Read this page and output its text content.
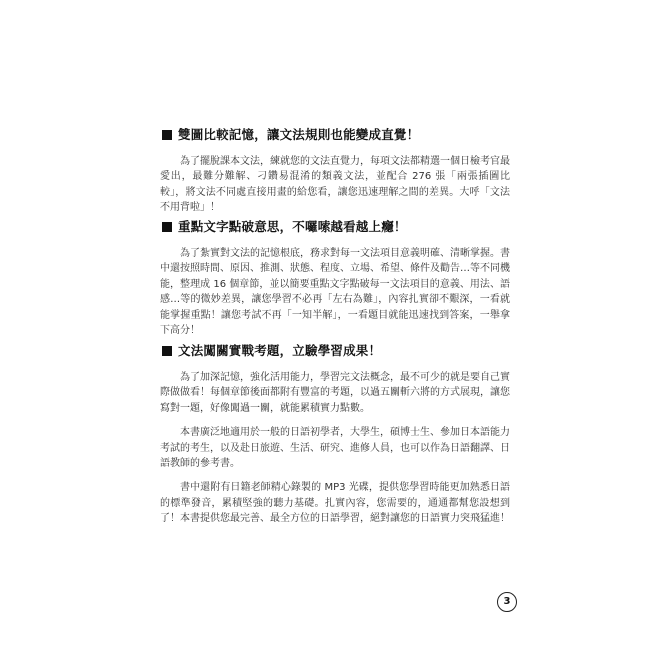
雙圖比較記憶，讓文法規則也能變成直覺！

為了擺脫課本文法，練就您的文法直覺力，每項文法都精選一個日檢考官最愛出，最難分難解、刁鑽易混淆的類義文法，並配合 276 張「兩張插圖比較」，將文法不同處直接用畫的給您看，讓您迅速理解之間的差異。大呼「文法不用背啦」！

重點文字點破意思，不囉嗦越看越上癮！

為了紮實對文法的記憶根底，務求對每一文法項目意義明確、清晰掌握。書中還按照時間、原因、推測、狀態、程度、立場、希望、條件及勸告…等不同機能，整理成 16 個章節，並以簡要重點文字點破每一文法項目的意義、用法、語感…等的微妙差異，讓您學習不必再「左右為難」，內容扎實卻不艱深，一看就能掌握重點！讓您考試不再「一知半解」，一看題目就能迅速找到答案，一舉拿下高分！

文法闖關實戰考題，立驗學習成果！

為了加深記憶，強化活用能力，學習完文法概念，最不可少的就是要自己實際做做看！每個章節後面都附有豐富的考題，以過五關斬六將的方式展現，讓您寫對一題，好像闖過一關，就能累積實力點數。

本書廣泛地適用於一般的日語初學者，大學生，碩博士生、參加日本語能力考試的考生，以及赴日旅遊、生活、研究、進修人員，也可以作為日語翻譯、日語教師的參考書。

書中還附有日籍老師精心錄製的 MP3 光碟，提供您學習時能更加熟悉日語的標準發音，累積堅強的聽力基礎。扎實內容，您需要的，通通都幫您設想到了！本書提供您最完善、最全方位的日語學習，絕對讓您的日語實力突飛猛進！

3
